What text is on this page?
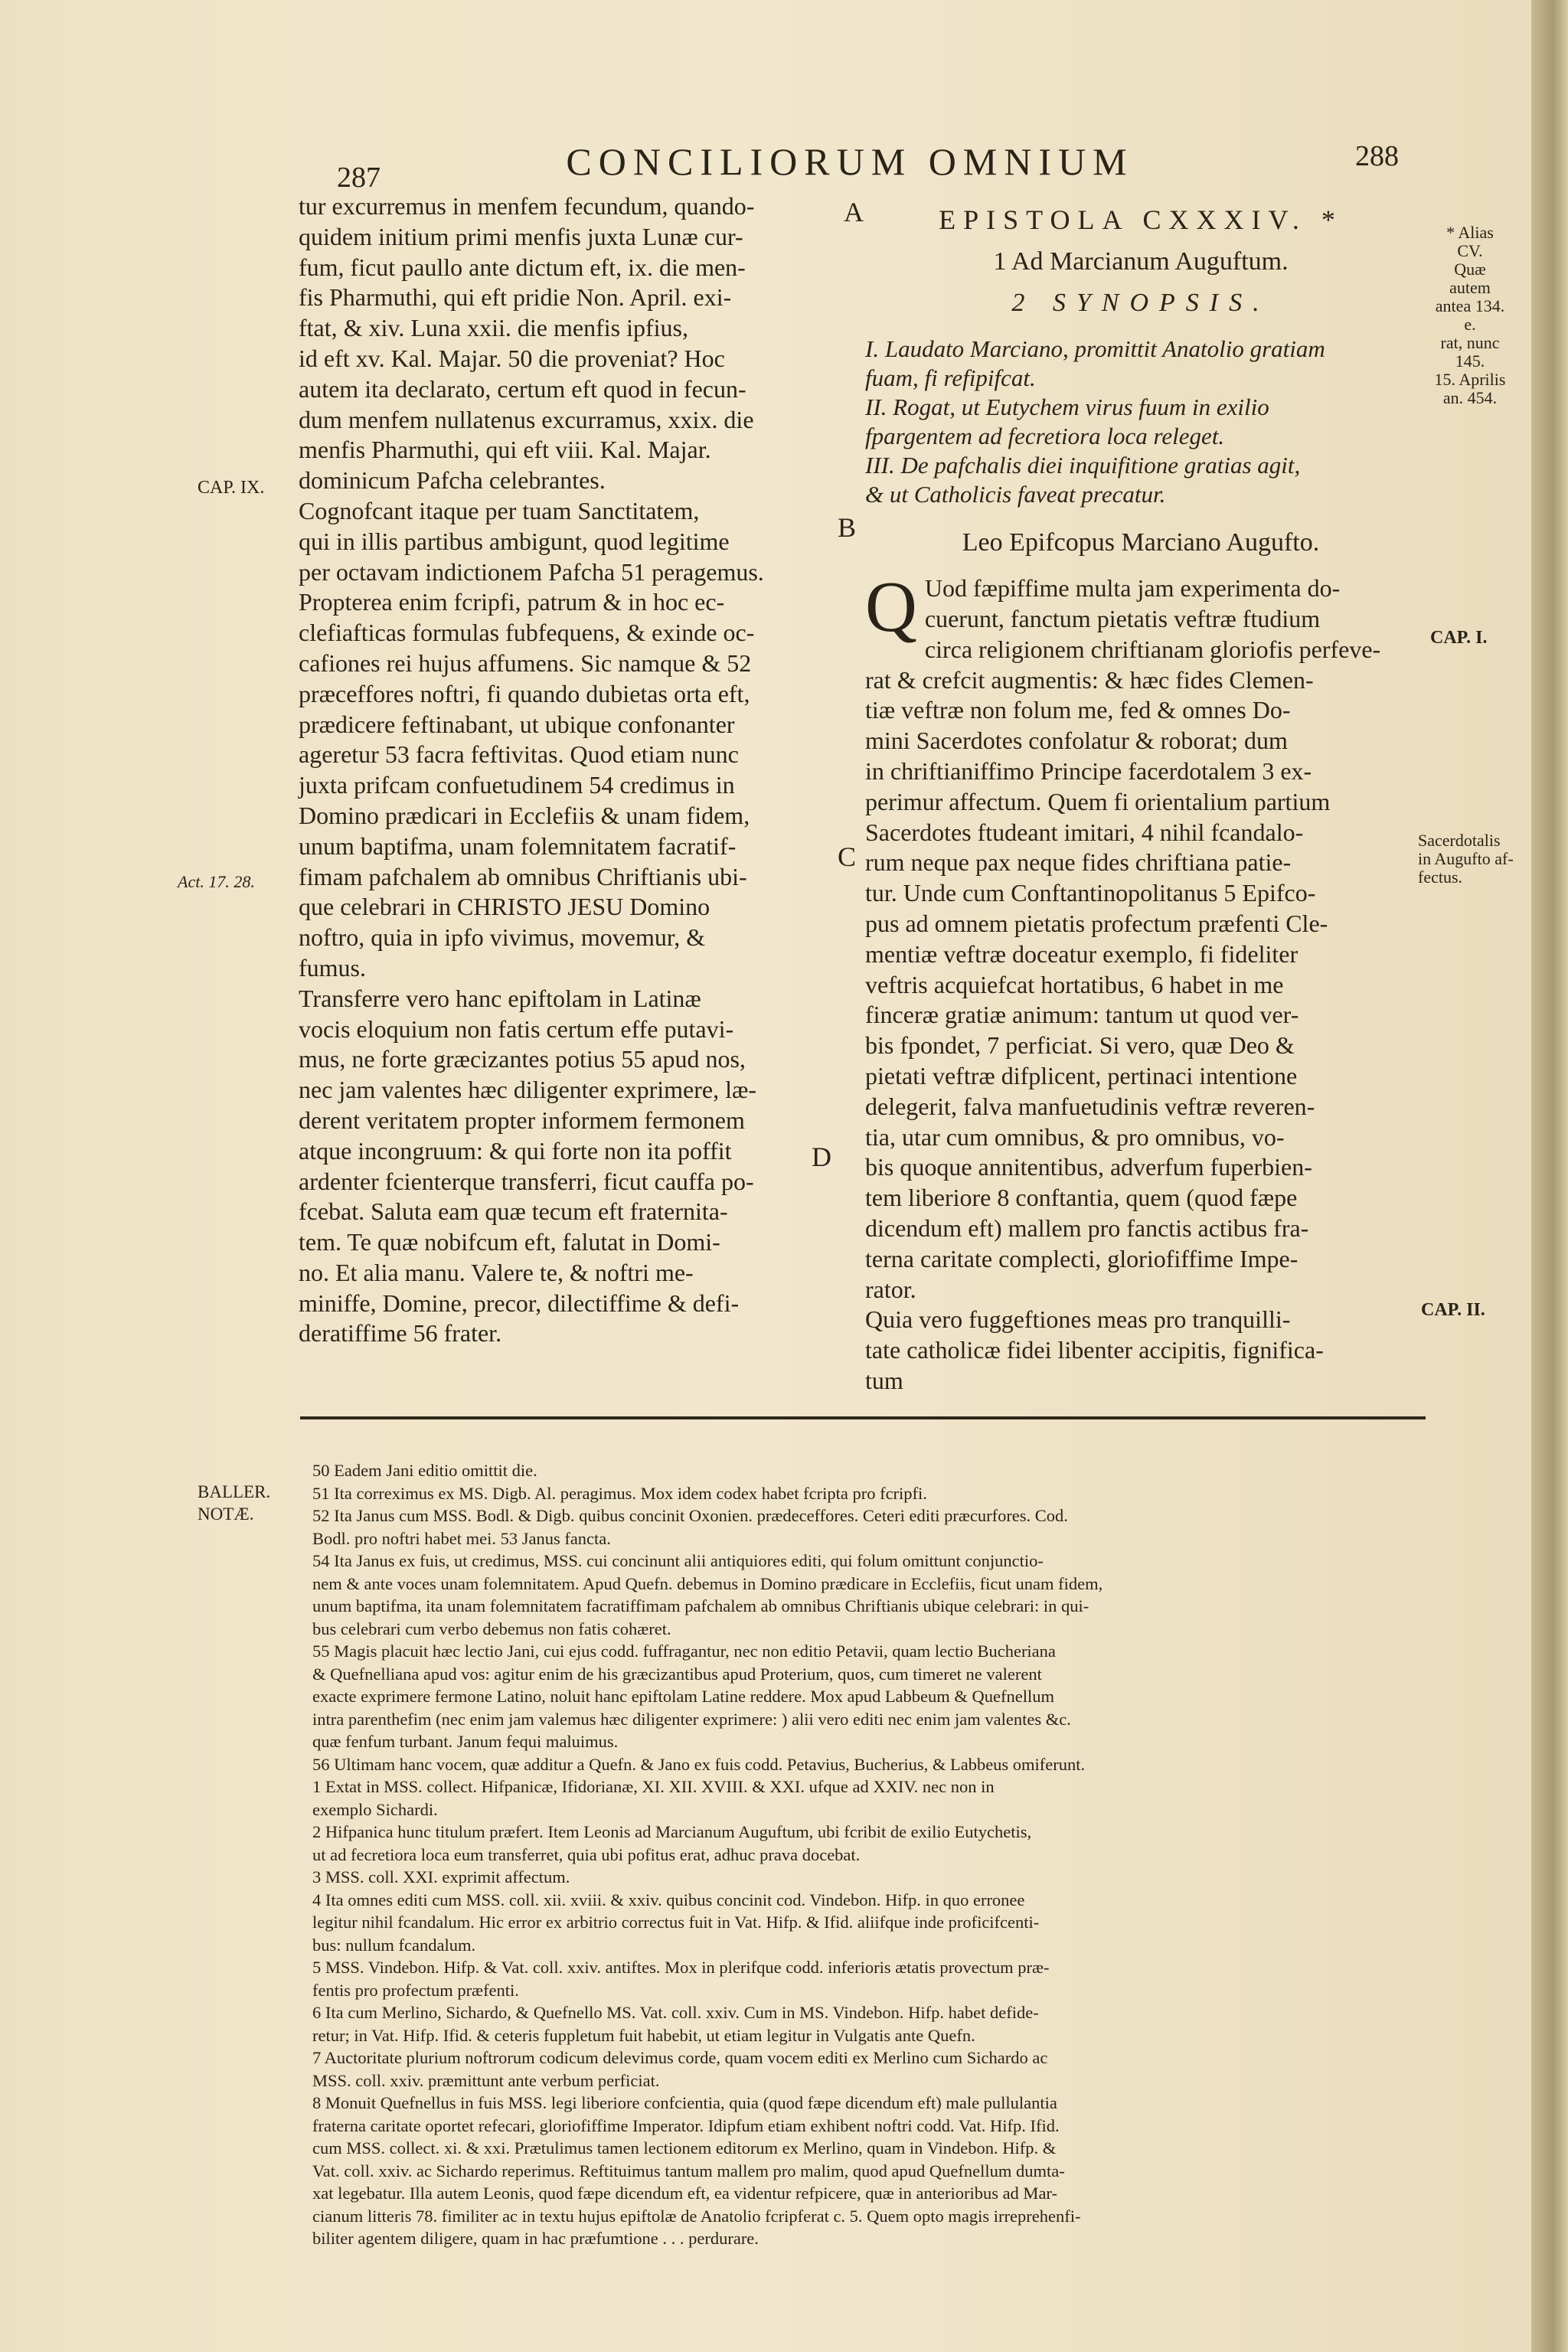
287	CONCILIORUM OMNIUM	288
tur excurremus in menfem fecundum, quando-
quidem initium primi menfis juxta Lunæ cur-
fum, ficut paullo ante dictum eft, ix. die men-
fis Pharmuthi, qui eft pridie Non. April. exi-
ftat, & xiv. Luna xxii. die menfis ipfius,
id eft xv. Kal. Majar. 50 die proveniat? Hoc
autem ita declarato, certum eft quod in fecun-
dum menfem nullatenus excurramus, xxix. die
menfis Pharmuthi, qui eft viii. Kal. Majar.
dominicum Pafcha celebrantes.
Cognofcant itaque per tuam Sanctitatem,
qui in illis partibus ambigunt, quod legitime
per octavam indictionem Pafcha 51 peragemus.
Propterea enim fcripfi, patrum & in hoc ec-
clefiafticas formulas fubfequens, & exinde oc-
cafiones rei hujus affumens. Sic namque & 52
præceffores noftri, fi quando dubietas orta eft,
prædicere feftinabant, ut ubique confonanter
ageretur 53 facra feftivitas. Quod etiam nunc
juxta prifcam confuetudinem 54 credimus in
Domino prædicari in Ecclefiis & unam fidem,
unum baptifma, unam folemnitatem facratif-
fimam pafchalem ab omnibus Chriftianis ubi-
que celebrari in CHRISTO JESU Domino
noftro, quia in ipfo vivimus, movemur, &
fumus.
Transferre vero hanc epiftolam in Latinæ
vocis eloquium non fatis certum effe putavi-
mus, ne forte græcizantes potius 55 apud nos,
nec jam valentes hæc diligenter exprimere, læ-
derent veritatem propter informem fermonem
atque incongruum: & qui forte non ita poffit
ardenter fcienterque transferri, ficut cauffa po-
fcebat. Saluta eam quæ tecum eft fraternita-
tem. Te quæ nobifcum eft, falutat in Domi-
no. Et alia manu. Valere te, & noftri me-
miniffe, Domine, precor, dilectiffime & defi-
deratiffime 56 frater.
A
B
C
D
CAP. IX.
Act. 17. 28.
EPISTOLA CXXXIV. *
1 Ad Marcianum Auguftum.
2 SYNOPSIS.
I. Laudato Marciano, promittit Anatolio gratiam
fuam, fi refipifcat.
II. Rogat, ut Eutychem virus fuum in exilio
fpargentem ad fecretiora loca releget.
III. De pafchalis diei inquifitione gratias agit,
& ut Catholicis faveat precatur.
Leo Epifcopus Marciano Augufto.
Q Uod fæpiffime multa jam experimenta do-
cuerunt, fanctum pietatis veftræ ftudium
circa religionem chriftianam gloriofis perfeve-
rat & crefcit augmentis: & hæc fides Clemen-
tiæ veftræ non folum me, fed & omnes Do-
mini Sacerdotes confolatur & roborat; dum
in chriftianiffimo Principe facerdotalem 3 ex-
perimur affectum. Quem fi orientalium partium
Sacerdotes ftudeant imitari, 4 nihil fcandalo-
rum neque pax neque fides chriftiana patie-
tur. Unde cum Conftantinopolitanus 5 Epifco-
pus ad omnem pietatis profectum præfenti Cle-
mentiæ veftræ doceatur exemplo, fi fideliter
veftris acquiefcat hortatibus, 6 habet in me
finceræ gratiæ animum: tantum ut quod ver-
bis fpondet, 7 perficiat. Si vero, quæ Deo &
pietati veftræ difplicent, pertinaci intentione
delegerit, falva manfuetudinis veftræ reveren-
tia, utar cum omnibus, & pro omnibus, vo-
bis quoque annitentibus, adverfum fuperbien-
tem liberiore 8 conftantia, quem (quod fæpe
dicendum eft) mallem pro fanctis actibus fra-
terna caritate complecti, gloriofiffime Impe-
rator.
Quia vero fuggeftiones meas pro tranquilli-
tate catholicæ fidei libenter accipitis, fignifica-
tum
* Alias
CV.
Quæ autem
antea 134. e.
rat, nunc 145.
15. Aprilis
an. 454.
CAP. I.
Sacerdotalis
in Augufto af-
fectus.
CAP. II.
BALLER.
NOTÆ.
50 Eadem Jani editio omittit die.
51 Ita correximus ex MS. Digb. Al. peragimus. Mox idem codex habet fcripta pro fcripfi.
52 Ita Janus cum MSS. Bodl. & Digb. quibus concinit Oxonien. prædeceffores. Ceteri editi præcurfores. Cod.
Bodl. pro noftri habet mei. 53 Janus fancta.
54 Ita Janus ex fuis, ut credimus, MSS. cui concinunt alii antiquiores editi, qui folum omittunt conjunctio-
nem & ante voces unam folemnitatem. Apud Quefn. debemus in Domino prædicare in Ecclefiis, ficut unam fidem,
unum baptifma, ita unam folemnitatem facratiffimam pafchalem ab omnibus Chriftianis ubique celebrari: in qui-
bus celebrari cum verbo debemus non fatis cohæret.
55 Magis placuit hæc lectio Jani, cui ejus codd. fuffragantur, nec non editio Petavii, quam lectio Bucheriana
& Quefnelliana apud vos: agitur enim de his græcizantibus apud Proterium, quos, cum timeret ne valerent
exacte exprimere fermone Latino, noluit hanc epiftolam Latine reddere. Mox apud Labbeum & Quefnellum
intra parenthefim (nec enim jam valemus hæc diligenter exprimere: ) alii vero editi nec enim jam valentes &c.
quæ fenfum turbant. Janum fequi maluimus.
56 Ultimam hanc vocem, quæ additur a Quefn. & Jano ex fuis codd. Petavius, Bucherius, & Labbeus omiferunt.
1 Extat in MSS. collect. Hifpanicæ, Ifidorianæ, XI. XII. XVIII. & XXI. ufque ad XXIV. nec non in
exemplo Sichardi.
2 Hifpanica hunc titulum præfert. Item Leonis ad Marcianum Auguftum, ubi fcribit de exilio Eutychetis,
ut ad fecretiora loca eum transferret, quia ubi pofitus erat, adhuc prava docebat.
3 MSS. coll. XXI. exprimit affectum.
4 Ita omnes editi cum MSS. coll. xii. xviii. & xxiv. quibus concinit cod. Vindebon. Hifp. in quo erronee
legitur nihil fcandalum. Hic error ex arbitrio correctus fuit in Vat. Hifp. & Ifid. aliifque inde proficifcenti-
bus: nullum fcandalum.
5 MSS. Vindebon. Hifp. & Vat. coll. xxiv. antiftes. Mox in plerifque codd. inferioris ætatis provectum præ-
fentis pro profectum præfenti.
6 Ita cum Merlino, Sichardo, & Quefnello MS. Vat. coll. xxiv. Cum in MS. Vindebon. Hifp. habet defide-
retur; in Vat. Hifp. Ifid. & ceteris fuppletum fuit habebit, ut etiam legitur in Vulgatis ante Quefn.
7 Auctoritate plurium noftrorum codicum delevimus corde, quam vocem editi ex Merlino cum Sichardo ac
MSS. coll. xxiv. præmittunt ante verbum perficiat.
8 Monuit Quefnellus in fuis MSS. legi liberiore confcientia, quia (quod fæpe dicendum eft) male pullulantia
fraterna caritate oportet refecari, gloriofiffime Imperator. Idipfum etiam exhibent noftri codd. Vat. Hifp. Ifid.
cum MSS. collect. xi. & xxi. Prætulimus tamen lectionem editorum ex Merlino, quam in Vindebon. Hifp. &
Vat. coll. xxiv. ac Sichardo reperimus. Reftituimus tantum mallem pro malim, quod apud Quefnellum dumta-
xat legebatur. Illa autem Leonis, quod fæpe dicendum eft, ea videntur refpicere, quæ in anterioribus ad Mar-
cianum litteris 78. fimiliter ac in textu hujus epiftolæ de Anatolio fcripferat c. 5. Quem opto magis irreprehenfi-
biliter agentem diligere, quam in hac præfumtione . . . perdurare.
